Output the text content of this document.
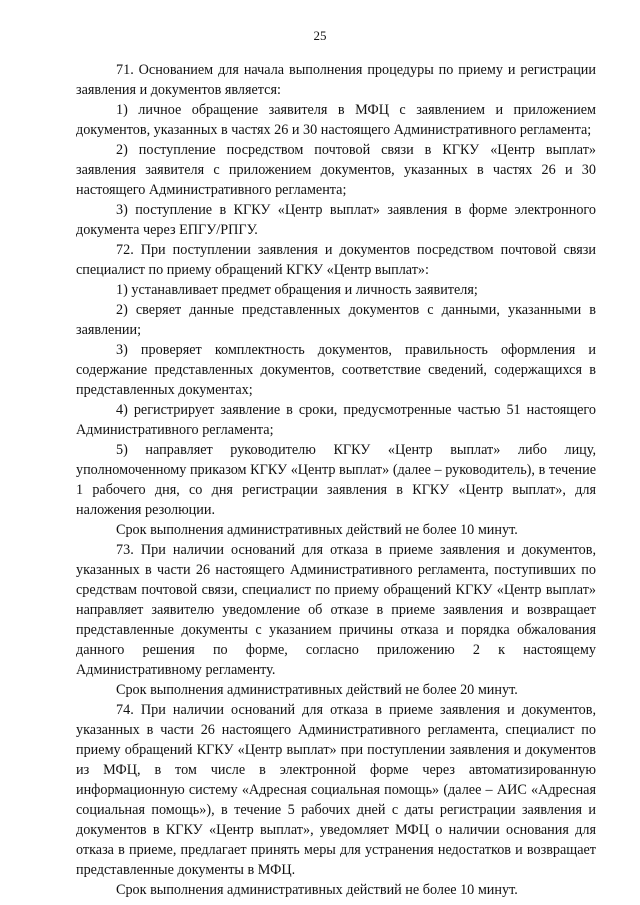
25

71. Основанием для начала выполнения процедуры по приему и регистрации заявления и документов является:

1) личное обращение заявителя в МФЦ с заявлением и приложением документов, указанных в частях 26 и 30 настоящего Административного регламента;

2) поступление посредством почтовой связи в КГКУ «Центр выплат» заявления заявителя с приложением документов, указанных в частях 26 и 30 настоящего Административного регламента;

3) поступление в КГКУ «Центр выплат» заявления в форме электронного документа через ЕПГУ/РПГУ.

72. При поступлении заявления и документов посредством почтовой связи специалист по приему обращений КГКУ «Центр выплат»:

1) устанавливает предмет обращения и личность заявителя;

2) сверяет данные представленных документов с данными, указанными в заявлении;

3) проверяет комплектность документов, правильность оформления и содержание представленных документов, соответствие сведений, содержащихся в представленных документах;

4) регистрирует заявление в сроки, предусмотренные частью 51 настоящего Административного регламента;

5) направляет руководителю КГКУ «Центр выплат» либо лицу, уполномоченному приказом КГКУ «Центр выплат» (далее – руководитель), в течение 1 рабочего дня, со дня регистрации заявления в КГКУ «Центр выплат», для наложения резолюции.

Срок выполнения административных действий не более 10 минут.

73. При наличии оснований для отказа в приеме заявления и документов, указанных в части 26 настоящего Административного регламента, поступивших по средствам почтовой связи, специалист по приему обращений КГКУ «Центр выплат» направляет заявителю уведомление об отказе в приеме заявления и возвращает представленные документы с указанием причины отказа и порядка обжалования данного решения по форме, согласно приложению 2 к настоящему Административному регламенту.

Срок выполнения административных действий не более 20 минут.

74. При наличии оснований для отказа в приеме заявления и документов, указанных в части 26 настоящего Административного регламента, специалист по приему обращений КГКУ «Центр выплат» при поступлении заявления и документов из МФЦ, в том числе в электронной форме через автоматизированную информационную систему «Адресная социальная помощь» (далее – АИС «Адресная социальная помощь»), в течение 5 рабочих дней с даты регистрации заявления и документов в КГКУ «Центр выплат», уведомляет МФЦ о наличии основания для отказа в приеме, предлагает принять меры для устранения недостатков и возвращает представленные документы в МФЦ.

Срок выполнения административных действий не более 10 минут.
